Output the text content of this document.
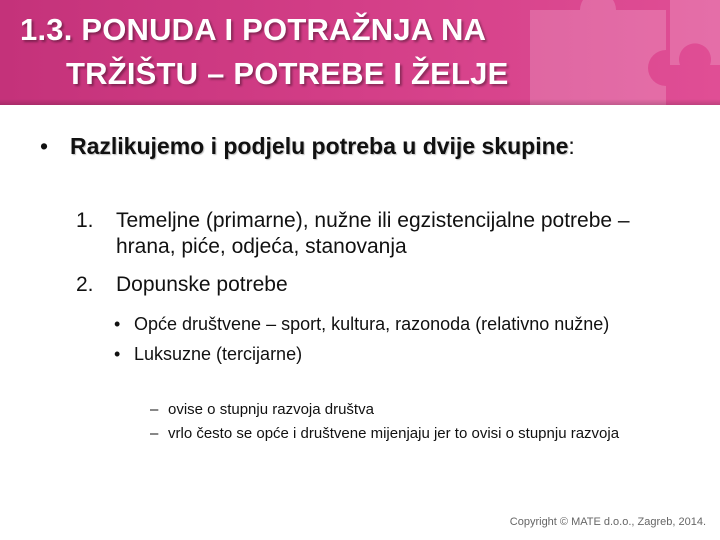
1.3. PONUDA I POTRAŽNJA NA
TRŽIŠTU – POTREBE I ŽELJE
• Razlikujemo i podjelu potreba u dvije skupine:
1. Temeljne (primarne), nužne ili egzistencijalne potrebe – hrana, piće, odjeća, stanovanja
2. Dopunske potrebe
• Opće društvene – sport, kultura, razonoda (relativno nužne)
• Luksuzne (tercijarne)
– ovise o stupnju razvoja društva
– vrlo često se opće i društvene mijenjaju jer to ovisi o stupnju razvoja
Copyright © MATE d.o.o., Zagreb, 2014.
